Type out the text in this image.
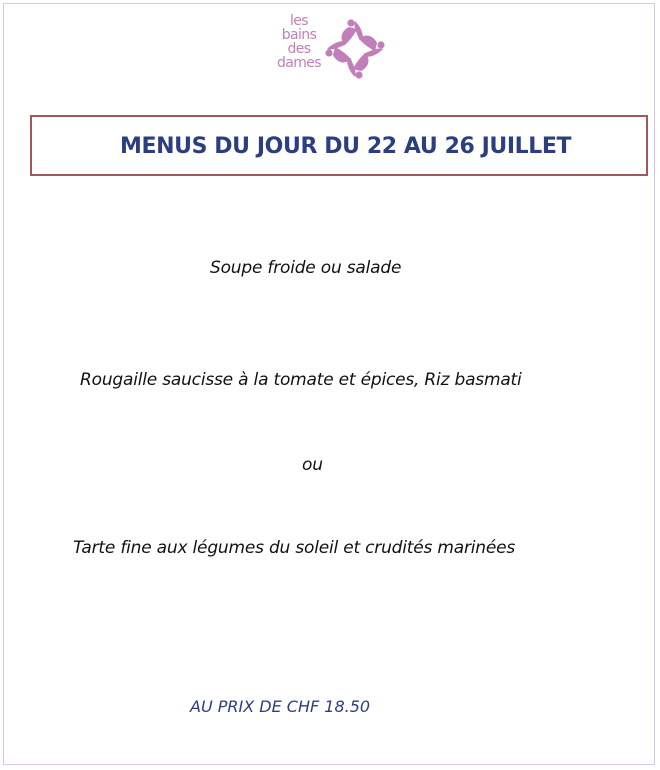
les
bains
des
dames
MENUS DU JOUR DU 22 AU 26 JUILLET

Soupe froide ou salade

Rougaille saucisse à la tomate et épices, Riz basmati

ou

Tarte fine aux légumes du soleil et crudités marinées

AU PRIX DE CHF 18.50
